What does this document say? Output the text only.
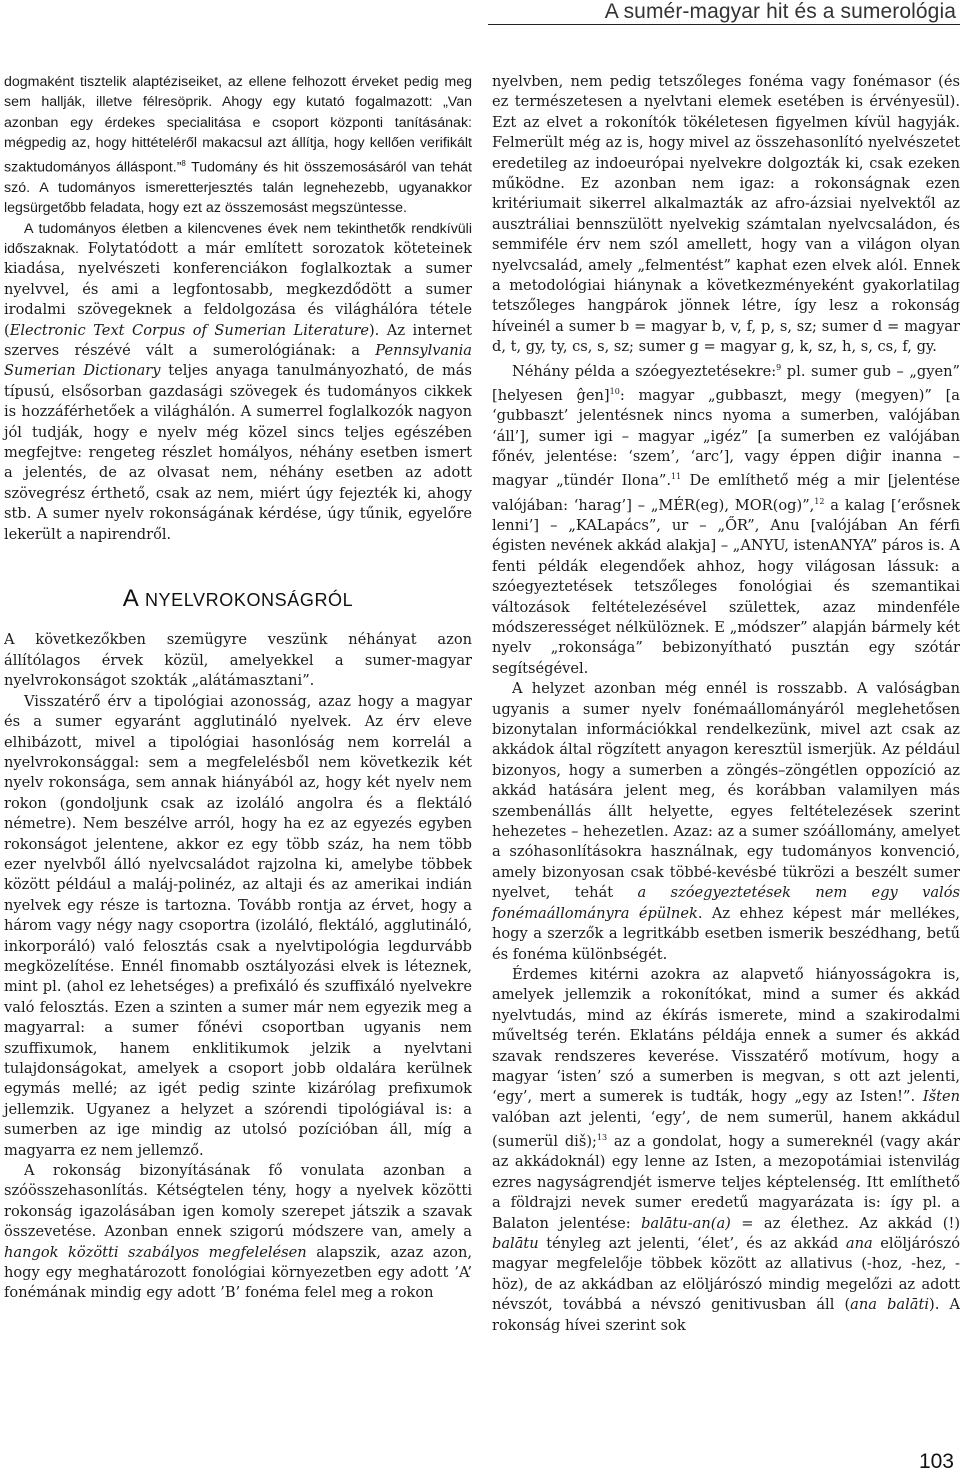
A sumér-magyar hit és a sumerológia

dogmaként tisztelik alaptéziseiket, az ellene felhozott érveket pedig meg sem hallják, illetve félresöprik. Ahogy egy kutató fogalmazott: „Van azonban egy érdekes specialitása e csoport központi tanításának: mégpedig az, hogy hittételéről makacsul azt állítja, hogy kellően verifikált szaktudományos álláspont.”$^8$ Tudomány és hit összemosásáról van tehát szó. A tudományos ismeretterjesztés talán legnehezebb, ugyanakkor legsürgetőbb feladata, hogy ezt az összemosást megszüntesse.

A tudományos életben a kilencvenes évek nem tekinthetők rendkívüli időszaknak. Folytatódott a már említett sorozatok köteteinek kiadása, nyelvészeti konferenciákon foglalkoztak a sumer nyelvvel, és ami a legfontosabb, megkezdődött a sumer irodalmi szövegeknek a feldolgozása és világhálóra tétele (Electronic Text Corpus of Sumerian Literature). Az internet szerves részévé vált a sumerológiának: a Pennsylvania Sumerian Dictionary teljes anyaga tanulmányozható, de más típusú, elsősorban gazdasági szövegek és tudományos cikkek is hozzáférhetőek a világhálón. A sumerrel foglalkozók nagyon jól tudják, hogy e nyelv még közel sincs teljes egészében megfejtve: rengeteg részlet homályos, néhány esetben ismert a jelentés, de az olvasat nem, néhány esetben az adott szövegrész érthető, csak az nem, miért úgy fejezték ki, ahogy stb. A sumer nyelv rokonságának kérdése, úgy tűnik, egyelőre lekerült a napirendről.

A NYELVROKONSÁGRÓL

A következőkben szemügyre veszünk néhányat azon állítólagos érvek közül, amelyekkel a sumer-magyar nyelvrokonságot szokták „alátámasztani”.

Visszatérő érv a tipológiai azonosság, azaz hogy a magyar és a sumer egyaránt agglutináló nyelvek. Az érv eleve elhibázott, mivel a tipológiai hasonlóság nem korrelál a nyelvrokonsággal: sem a megfelelésből nem következik két nyelv rokonsága, sem annak hiányából az, hogy két nyelv nem rokon (gondoljunk csak az izoláló angolra és a flektáló németre). Nem beszélve arról, hogy ha ez az egyezés egyben rokonságot jelentene, akkor ez egy több száz, ha nem több ezer nyelvből álló nyelvcsaládot rajzolna ki, amelybe többek között például a maláj-polinéz, az altaji és az amerikai indián nyelvek egy része is tartozna. Tovább rontja az érvet, hogy a három vagy négy nagy csoportra (izoláló, flektáló, agglutináló, inkorporáló) való felosztás csak a nyelvtipológia legdurvább megközelítése. Ennél finomabb osztályozási elvek is léteznek, mint pl. (ahol ez lehetséges) a prefixáló és szuffixáló nyelvekre való felosztás. Ezen a szinten a sumer már nem egyezik meg a magyarral: a sumer főnévi csoportban ugyanis nem szuffixumok, hanem enklitikumok jelzik a nyelvtani tulajdonságokat, amelyek a csoport jobb oldalára kerülnek egymás mellé; az igét pedig szinte kizárólag prefixumok jellemzik. Ugyanez a helyzet a szórendi tipológiával is: a sumerben az ige mindig az utolsó pozícióban áll, míg a magyarra ez nem jellemző.

A rokonság bizonyításának fő vonulata azonban a szóösszehasonlítás. Kétségtelen tény, hogy a nyelvek közötti rokonság igazolásában igen komoly szerepet játszik a szavak összevetése. Azonban ennek szigorú módszere van, amely a hangok közötti szabályos megfelelésen alapszik, azaz azon, hogy egy meghatározott fonológiai környezetben egy adott ’A’ fonémának mindig egy adott ’B’ fonéma felel meg a rokon

nyelvben, nem pedig tetszőleges fonéma vagy fonémasor (és ez természetesen a nyelvtani elemek esetében is érvényesül). Ezt az elvet a rokonítók tökéletesen figyelmen kívül hagyják. Felmerült még az is, hogy mivel az összehasonlító nyelvészetet eredetileg az indoeurópai nyelvekre dolgozták ki, csak ezeken működne. Ez azonban nem igaz: a rokonságnak ezen kritériumait sikerrel alkalmazták az afro-ázsiai nyelvektől az ausztráliai bennszülött nyelvekig számtalan nyelvcsaládon, és semmiféle érv nem szól amellett, hogy van a világon olyan nyelvcsalád, amely „felmentést” kaphat ezen elvek alól. Ennek a metodológiai hiánynak a következményeként gyakorlatilag tetszőleges hangpárok jönnek létre, így lesz a rokonság híveinél a sumer b = magyar b, v, f, p, s, sz; sumer d = magyar d, t, gy, ty, cs, s, sz; sumer g = magyar g, k, sz, h, s, cs, f, gy.

Néhány példa a szóegyeztetésekre:$^9$ pl. sumer gub – „gyen” [helyesen ĝen]$^{10}$: magyar „gubbaszt, megy (megyen)” [a ‘gubbaszt’ jelentésnek nincs nyoma a sumerben, valójában ‘áll’], sumer igi – magyar „igéz” [a sumerben ez valójában főnév, jelentése: ‘szem’, ‘arc’], vagy éppen diĝir inanna – magyar „tündér Ilona”.$^{11}$ De említhető még a mir [jelentése valójában: ‘harag’] – „MÉR(eg), MOR(og)”,$^{12}$ a kalag [‘erősnek lenni’] – „KALapács”, ur – „ŐR”, Anu [valójában An férfi égisten nevének akkád alakja] – „ANYU, istenANYA” páros is. A fenti példák elegendőek ahhoz, hogy világosan lássuk: a szóegyeztetések tetszőleges fonológiai és szemantikai változások feltételezésével születtek, azaz mindenféle módszerességet nélkülöznek. E „módszer” alapján bármely két nyelv „rokonsága” bebizonyítható pusztán egy szótár segítségével.

A helyzet azonban még ennél is rosszabb. A valóságban ugyanis a sumer nyelv fonémaállományáról meglehetősen bizonytalan információkkal rendelkezünk, mivel azt csak az akkádok által rögzített anyagon keresztül ismerjük. Az például bizonyos, hogy a sumerben a zöngés–zöngétlen oppozíció az akkád hatására jelent meg, és korábban valamilyen más szembenállás állt helyette, egyes feltételezések szerint hehezetes – hehezetlen. Azaz: az a sumer szóállomány, amelyet a szóhasonlításokra használnak, egy tudományos konvenció, amely bizonyosan csak többé-kevésbé tükrözi a beszélt sumer nyelvet, tehát a szóegyeztetések nem egy valós fonémaállományra épülnek. Az ehhez képest már mellékes, hogy a szerzők a legritkább esetben ismerik beszédhang, betű és fonéma különbségét.

Érdemes kitérni azokra az alapvető hiányosságokra is, amelyek jellemzik a rokonítókat, mind a sumer és akkád nyelvtudás, mind az ékírás ismerete, mind a szakirodalmi műveltség terén. Eklatáns példája ennek a sumer és akkád szavak rendszeres keverése. Visszatérő motívum, hogy a magyar ‘isten’ szó a sumerben is megvan, s ott azt jelenti, ‘egy’, mert a sumerek is tudták, hogy „egy az Isten!”. Išten valóban azt jelenti, ‘egy’, de nem sumerül, hanem akkádul (sumerül diš);$^{13}$ az a gondolat, hogy a sumereknél (vagy akár az akkádoknál) egy lenne az Isten, a mezopotámiai istenvilág ezres nagyságrendjét ismerve teljes képtelenség. Itt említhető a földrajzi nevek sumer eredetű magyarázata is: így pl. a Balaton jelentése: balātu-an(a) = az élethez. Az akkád (!) balātu tényleg azt jelenti, ‘élet’, és az akkád ana elöljárószó magyar megfelelője többek között az allativus (-hoz, -hez, -höz), de az akkádban az elöljárószó mindig megelőzi az adott névszót, továbbá a névszó genitivusban áll (ana balāti). A rokonság hívei szerint sok

103
